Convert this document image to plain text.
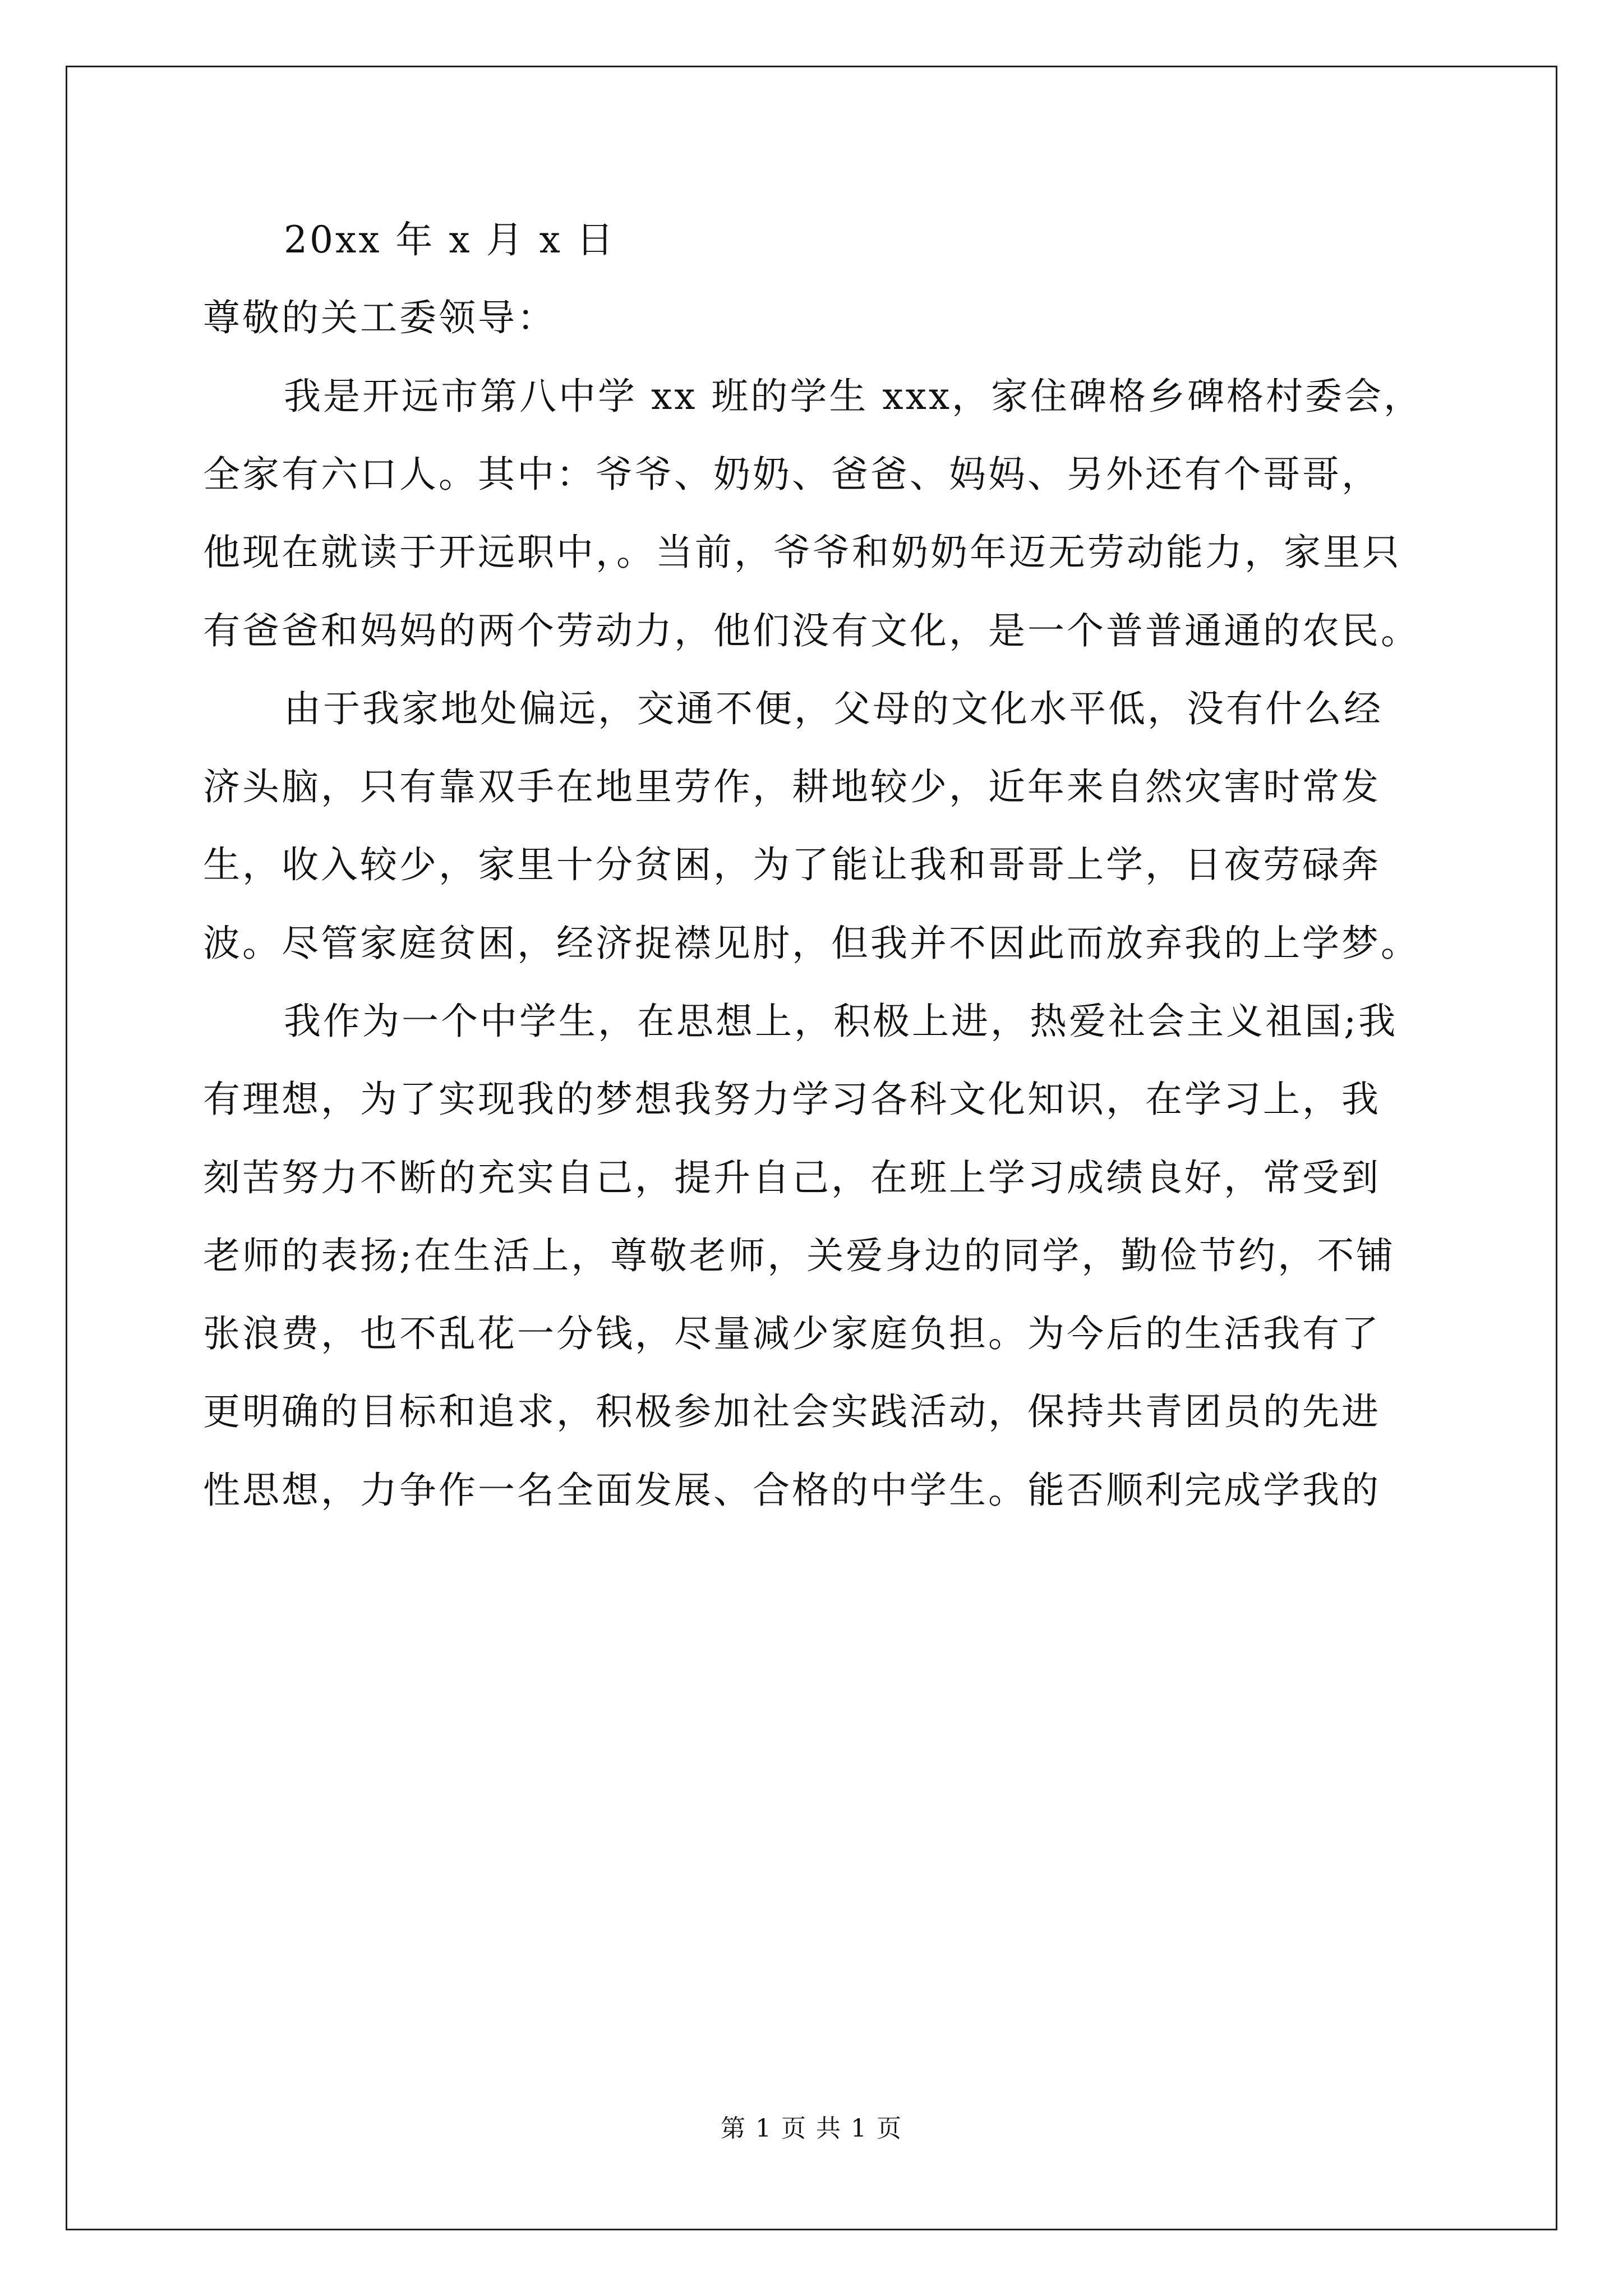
20xx 年 x 月 x 日
尊敬的关工委领导：
我是开远市第八中学 xx 班的学生 xxx，家住碑格乡碑格村委会，
全家有六口人。其中：爷爷、奶奶、爸爸、妈妈、另外还有个哥哥，
他现在就读于开远职中，。当前，爷爷和奶奶年迈无劳动能力，家里只
有爸爸和妈妈的两个劳动力，他们没有文化，是一个普普通通的农民。
由于我家地处偏远，交通不便，父母的文化水平低，没有什么经
济头脑，只有靠双手在地里劳作，耕地较少，近年来自然灾害时常发
生，收入较少，家里十分贫困，为了能让我和哥哥上学，日夜劳碌奔
波。尽管家庭贫困，经济捉襟见肘，但我并不因此而放弃我的上学梦。
我作为一个中学生，在思想上，积极上进，热爱社会主义祖国;我
有理想，为了实现我的梦想我努力学习各科文化知识，在学习上，我
刻苦努力不断的充实自己，提升自己，在班上学习成绩良好，常受到
老师的表扬;在生活上，尊敬老师，关爱身边的同学，勤俭节约，不铺
张浪费，也不乱花一分钱，尽量减少家庭负担。为今后的生活我有了
更明确的目标和追求，积极参加社会实践活动，保持共青团员的先进
性思想，力争作一名全面发展、合格的中学生。能否顺利完成学我的
第 1 页 共 1 页
